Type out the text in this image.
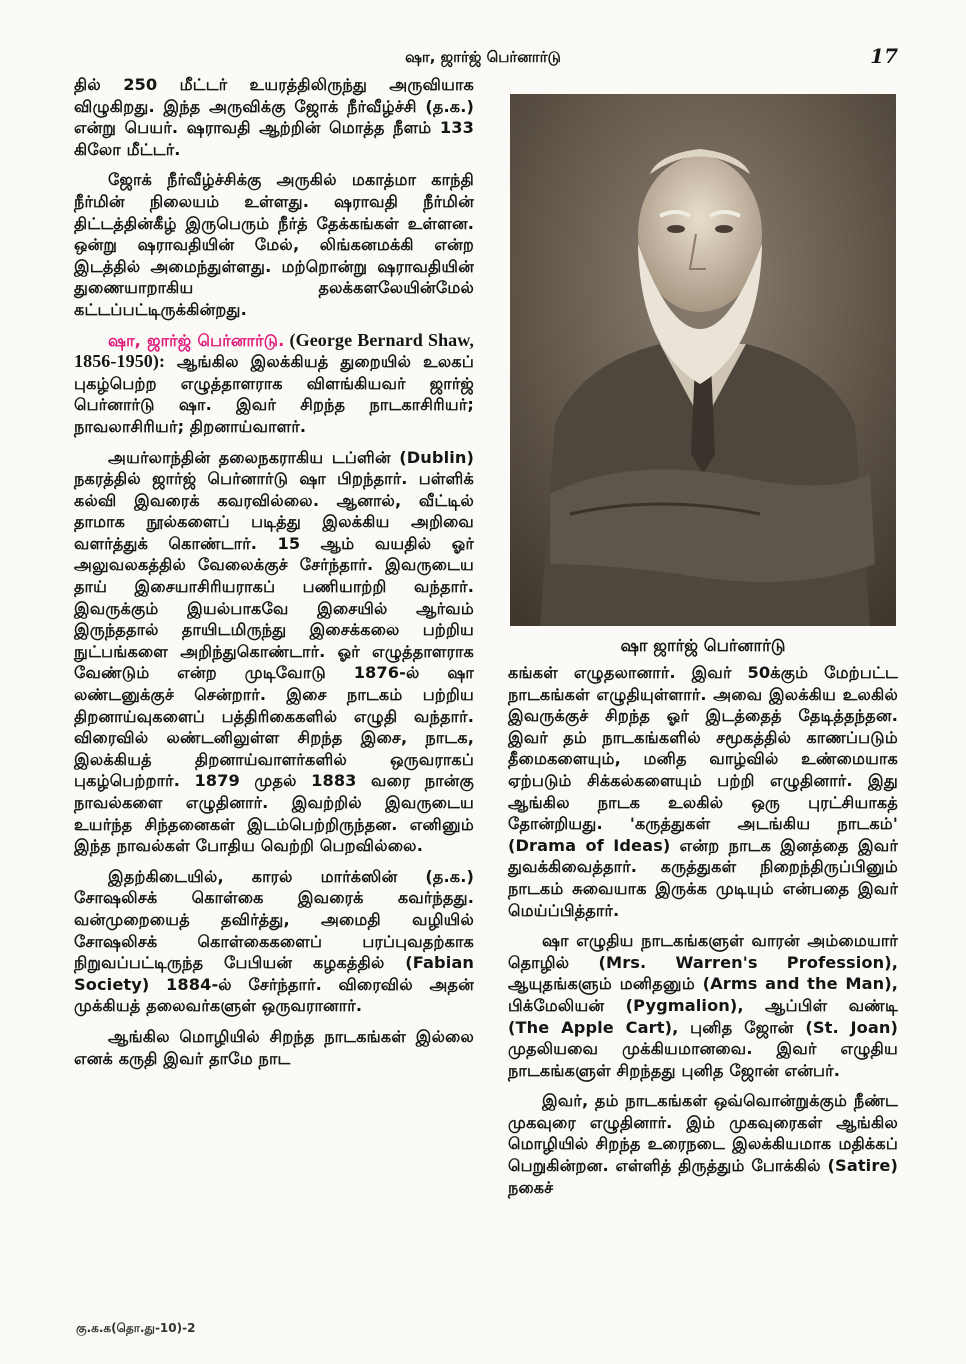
ஷா, ஜார்ஜ் பெர்னார்டு	17

தில் 250 மீட்டர் உயரத்திலிருந்து அருவியாக விழுகிறது. இந்த அருவிக்கு ஜோக் நீர்வீழ்ச்சி (த.க.) என்று பெயர். ஷராவதி ஆற்றின் மொத்த நீளம் 133 கிலோ மீட்டர்.

ஜோக் நீர்வீழ்ச்சிக்கு அருகில் மகாத்மா காந்தி நீர்மின் நிலையம் உள்ளது. ஷராவதி நீர்மின் திட்டத்தின்கீழ் இருபெரும் நீர்த் தேக்கங்கள் உள்ளன. ஒன்று ஷராவதியின் மேல், லிங்கனமக்கி என்ற இடத்தில் அமைந்துள்ளது. மற்றொன்று ஷராவதியின் துணையாறாகிய தலக்களலேயின்மேல் கட்டப்பட்டிருக்கின்றது.

ஷா, ஜார்ஜ் பெர்னார்டு. (George Bernard Shaw, 1856-1950): ஆங்கில இலக்கியத் துறையில் உலகப் புகழ்பெற்ற எழுத்தாளராக விளங்கியவர் ஜார்ஜ் பெர்னார்டு ஷா. இவர் சிறந்த நாடகாசிரியர்; நாவலாசிரியர்; திறனாய்வாளர்.

அயர்லாந்தின் தலைநகராகிய டப்ளின் (Dublin) நகரத்தில் ஜார்ஜ் பெர்னார்டு ஷா பிறந்தார். பள்ளிக் கல்வி இவரைக் கவரவில்லை. ஆனால், வீட்டில் தாமாக நூல்களைப் படித்து இலக்கிய அறிவை வளர்த்துக் கொண்டார். 15 ஆம் வயதில் ஓர் அலுவலகத்தில் வேலைக்குச் சேர்ந்தார். இவருடைய தாய் இசையாசிரியராகப் பணியாற்றி வந்தார். இவருக்கும் இயல்பாகவே இசையில் ஆர்வம் இருந்ததால் தாயிடமிருந்து இசைக்கலை பற்றிய நுட்பங்களை அறிந்துகொண்டார். ஓர் எழுத்தாளராக வேண்டும் என்ற முடிவோடு 1876-ல் ஷா லண்டனுக்குச் சென்றார். இசை நாடகம் பற்றிய திறனாய்வுகளைப் பத்திரிகைகளில் எழுதி வந்தார். விரைவில் லண்டனிலுள்ள சிறந்த இசை, நாடக, இலக்கியத் திறனாய்வாளர்களில் ஒருவராகப் புகழ்பெற்றார். 1879 முதல் 1883 வரை நான்கு நாவல்களை எழுதினார். இவற்றில் இவருடைய உயர்ந்த சிந்தனைகள் இடம்பெற்றிருந்தன. எனினும் இந்த நாவல்கள் போதிய வெற்றி பெறவில்லை.

இதற்கிடையில், காரல் மார்க்ஸின் (த.க.) சோஷலிசக் கொள்கை இவரைக் கவர்ந்தது. வன்முறையைத் தவிர்த்து, அமைதி வழியில் சோஷலிசக் கொள்கைகளைப் பரப்புவதற்காக நிறுவப்பட்டிருந்த பேபியன் கழகத்தில் (Fabian Society) 1884-ல் சேர்ந்தார். விரைவில் அதன் முக்கியத் தலைவர்களுள் ஒருவரானார்.

ஆங்கில மொழியில் சிறந்த நாடகங்கள் இல்லை எனக் கருதி இவர் தாமே நாட

ஷா ஜார்ஜ் பெர்னார்டு

கங்கள் எழுதலானார். இவர் 50க்கும் மேற்பட்ட நாடகங்கள் எழுதியுள்ளார். அவை இலக்கிய உலகில் இவருக்குச் சிறந்த ஓர் இடத்தைத் தேடித்தந்தன. இவர் தம் நாடகங்களில் சமூகத்தில் காணப்படும் தீமைகளையும், மனித வாழ்வில் உண்மையாக ஏற்படும் சிக்கல்களையும் பற்றி எழுதினார். இது ஆங்கில நாடக உலகில் ஒரு புரட்சியாகத் தோன்றியது. 'கருத்துகள் அடங்கிய நாடகம்' (Drama of Ideas) என்ற நாடக இனத்தை இவர் துவக்கிவைத்தார். கருத்துகள் நிறைந்திருப்பினும் நாடகம் சுவையாக இருக்க முடியும் என்பதை இவர் மெய்ப்பித்தார்.

ஷா எழுதிய நாடகங்களுள் வாரன் அம்மையார் தொழில் (Mrs. Warren's Profession), ஆயுதங்களும் மனிதனும் (Arms and the Man), பிக்மேலியன் (Pygmalion), ஆப்பிள் வண்டி (The Apple Cart), புனித ஜோன் (St. Joan) முதலியவை முக்கியமானவை. இவர் எழுதிய நாடகங்களுள் சிறந்தது புனித ஜோன் என்பர்.

இவர், தம் நாடகங்கள் ஒவ்வொன்றுக்கும் நீண்ட முகவுரை எழுதினார். இம் முகவுரைகள் ஆங்கில மொழியில் சிறந்த உரைநடை இலக்கியமாக மதிக்கப் பெறுகின்றன. எள்ளித் திருத்தும் போக்கில் (Satire) நகைச்

கு.க.க(தொ.து-10)-2
